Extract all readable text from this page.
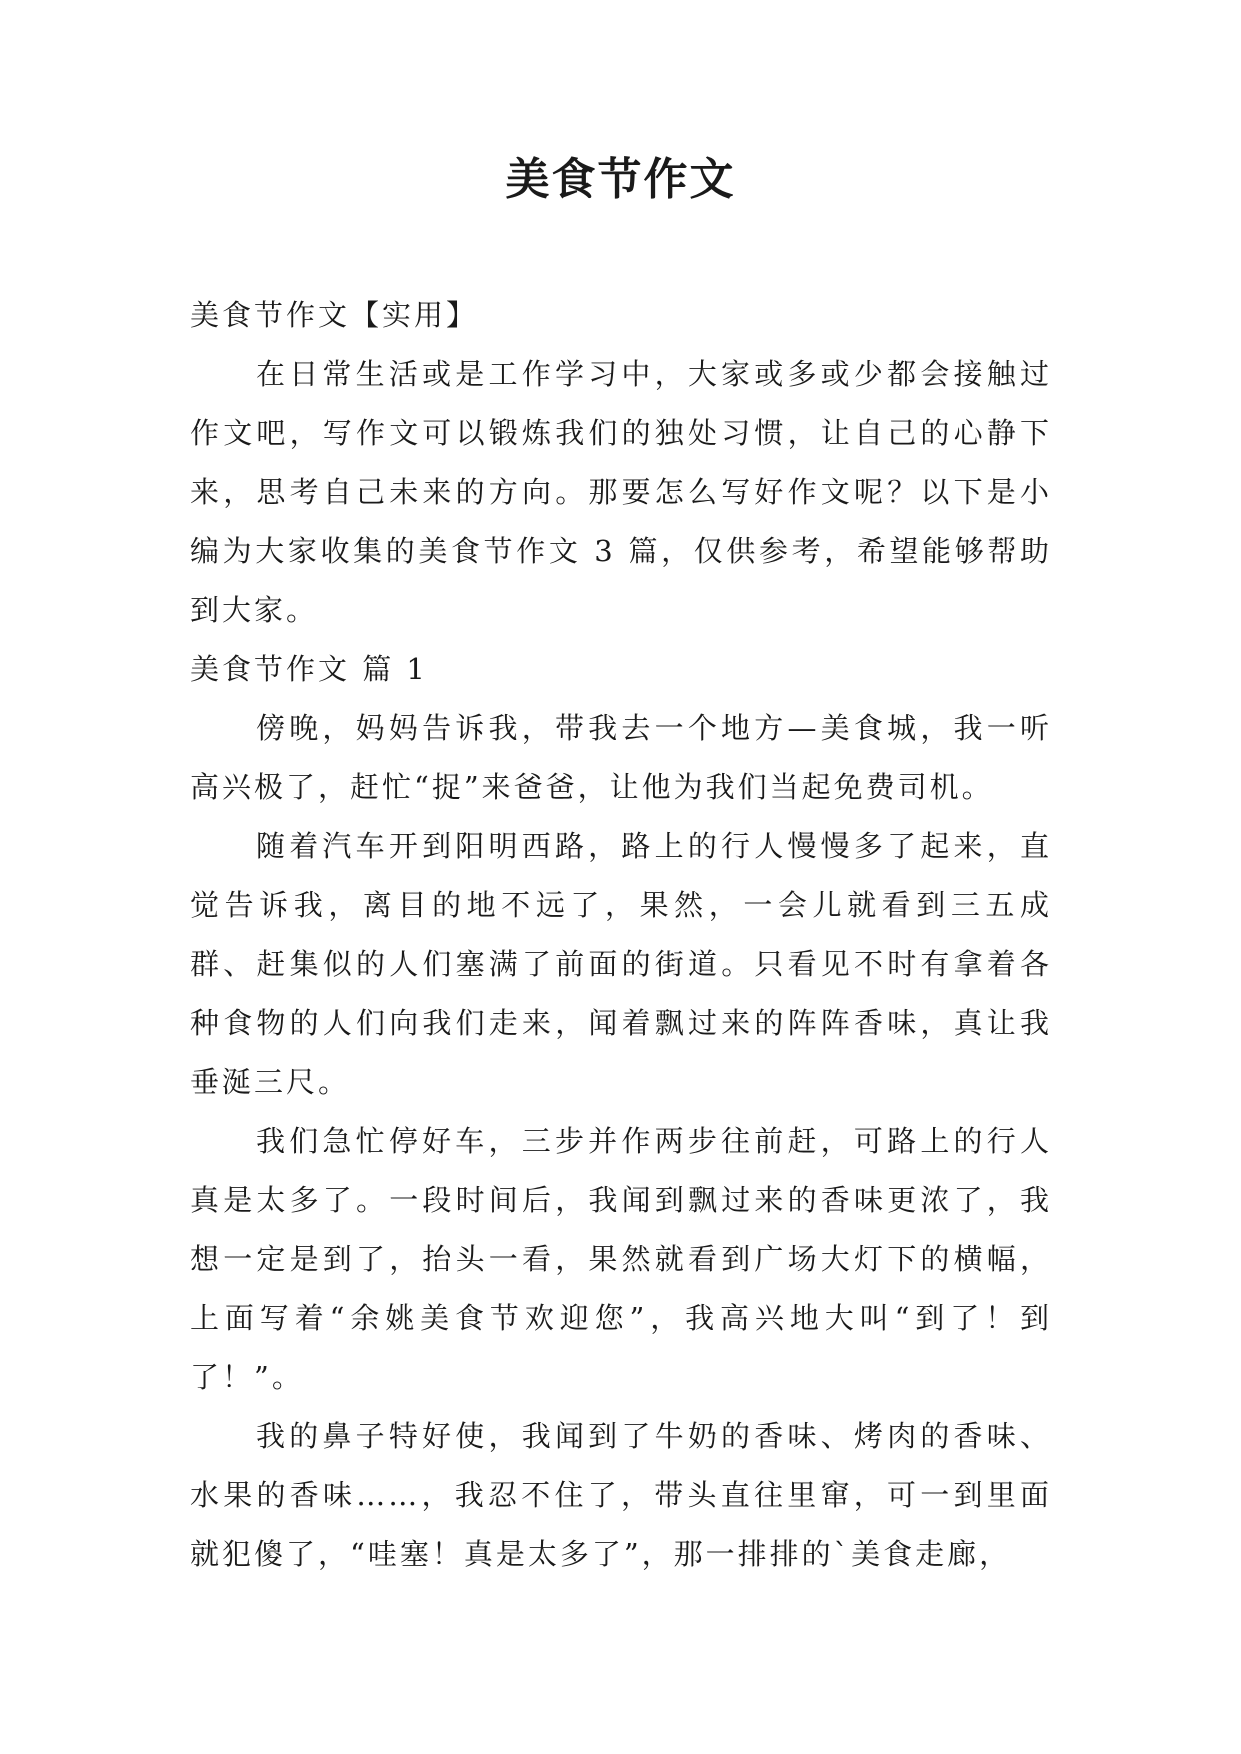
美食节作文

美食节作文【实用】

在日常生活或是工作学习中，大家或多或少都会接触过作文吧，写作文可以锻炼我们的独处习惯，让自己的心静下来，思考自己未来的方向。那要怎么写好作文呢？以下是小编为大家收集的美食节作文 3 篇，仅供参考，希望能够帮助到大家。

美食节作文 篇 1

傍晚，妈妈告诉我，带我去一个地方—美食城，我一听高兴极了，赶忙“捉”来爸爸，让他为我们当起免费司机。

随着汽车开到阳明西路，路上的行人慢慢多了起来，直觉告诉我，离目的地不远了，果然，一会儿就看到三五成群、赶集似的人们塞满了前面的街道。只看见不时有拿着各种食物的人们向我们走来，闻着飘过来的阵阵香味，真让我垂涎三尺。

我们急忙停好车，三步并作两步往前赶，可路上的行人真是太多了。一段时间后，我闻到飘过来的香味更浓了，我想一定是到了，抬头一看，果然就看到广场大灯下的横幅，上面写着“余姚美食节欢迎您”，我高兴地大叫“到了！到了！”。

我的鼻子特好使，我闻到了牛奶的香味、烤肉的香味、水果的香味……，我忍不住了，带头直往里窜，可一到里面就犯傻了，“哇塞！真是太多了”，那一排排的`美食走廊，
